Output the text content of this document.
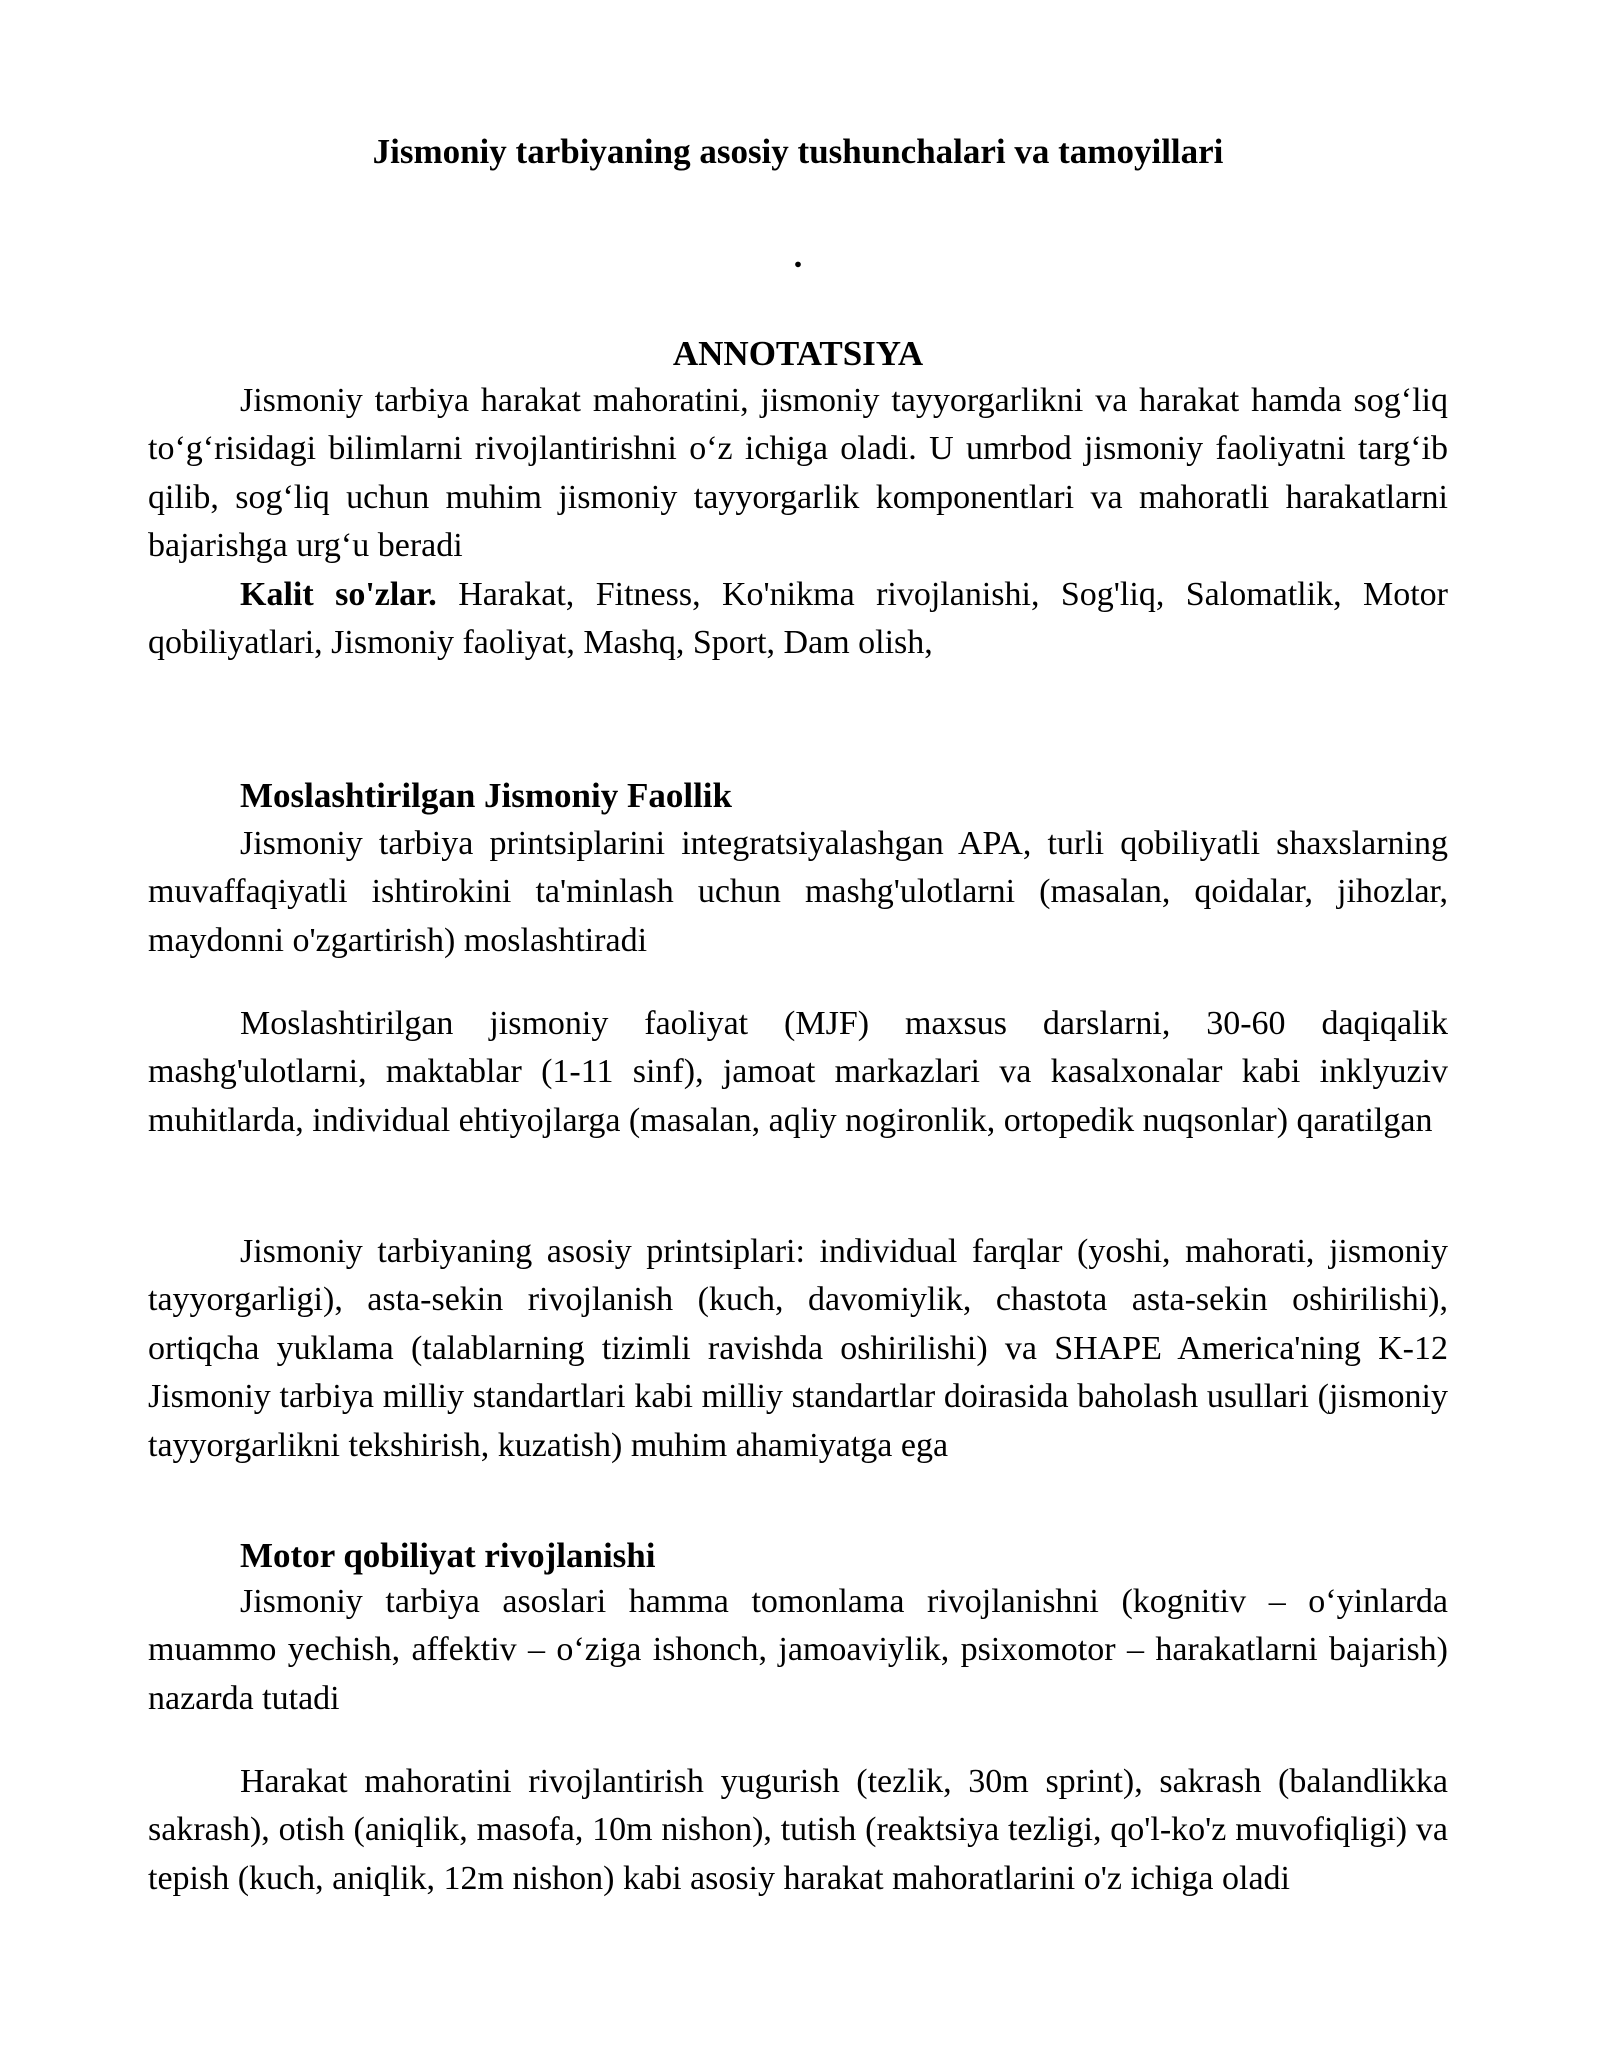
Jismoniy tarbiyaning asosiy tushunchalari va tamoyillari

.

ANNOTATSIYA

Jismoniy tarbiya harakat mahoratini, jismoniy tayyorgarlikni va harakat hamda sog‘liq to‘g‘risidagi bilimlarni rivojlantirishni o‘z ichiga oladi. U umrbod jismoniy faoliyatni targ‘ib qilib, sog‘liq uchun muhim jismoniy tayyorgarlik komponentlari va mahoratli harakatlarni bajarishga urg‘u beradi

Kalit so'zlar. Harakat, Fitness, Ko'nikma rivojlanishi, Sog'liq, Salomatlik, Motor qobiliyatlari, Jismoniy faoliyat, Mashq, Sport, Dam olish,

Moslashtirilgan Jismoniy Faollik

Jismoniy tarbiya printsiplarini integratsiyalashgan APA, turli qobiliyatli shaxslarning muvaffaqiyatli ishtirokini ta'minlash uchun mashg'ulotlarni (masalan, qoidalar, jihozlar, maydonni o'zgartirish) moslashtiradi

Moslashtirilgan jismoniy faoliyat (MJF) maxsus darslarni, 30-60 daqiqalik mashg'ulotlarni, maktablar (1-11 sinf), jamoat markazlari va kasalxonalar kabi inklyuziv muhitlarda, individual ehtiyojlarga (masalan, aqliy nogironlik, ortopedik nuqsonlar) qaratilgan

Jismoniy tarbiyaning asosiy printsiplari: individual farqlar (yoshi, mahorati, jismoniy tayyorgarligi), asta-sekin rivojlanish (kuch, davomiylik, chastota asta-sekin oshirilishi), ortiqcha yuklama (talablarning tizimli ravishda oshirilishi) va SHAPE America'ning K-12 Jismoniy tarbiya milliy standartlari kabi milliy standartlar doirasida baholash usullari (jismoniy tayyorgarlikni tekshirish, kuzatish) muhim ahamiyatga ega

Motor qobiliyat rivojlanishi

Jismoniy tarbiya asoslari hamma tomonlama rivojlanishni (kognitiv – o‘yinlarda muammo yechish, affektiv – o‘ziga ishonch, jamoaviylik, psixomotor – harakatlarni bajarish) nazarda tutadi

Harakat mahoratini rivojlantirish yugurish (tezlik, 30m sprint), sakrash (balandlikka sakrash), otish (aniqlik, masofa, 10m nishon), tutish (reaktsiya tezligi, qo'l-ko'z muvofiqligi) va tepish (kuch, aniqlik, 12m nishon) kabi asosiy harakat mahoratlarini o'z ichiga oladi
